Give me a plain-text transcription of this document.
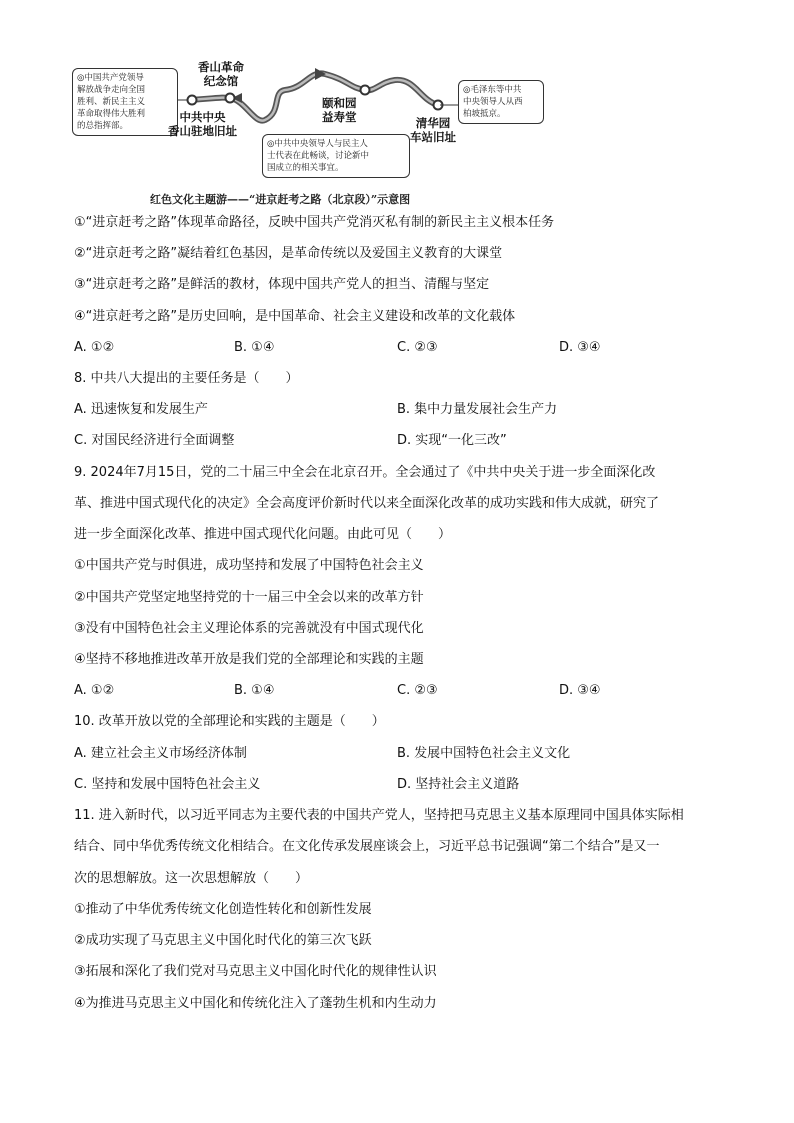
◎中国共产党领导
解放战争走向全国
胜利、新民主主义
革命取得伟大胜利
的总指挥部。
◎中共中央领导人与民主人
士代表在此畅谈，讨论新中
国成立的相关事宜。
◎毛泽东等中共
中央领导人从西
柏坡抵京。
香山革命
纪念馆
中共中央
香山驻地旧址
颐和园
益寿堂	清华园
车站旧址
红色文化主题游——“进京赶考之路（北京段）”示意图
①“进京赶考之路”体现革命路径，反映中国共产党消灭私有制的新民主主义根本任务
②“进京赶考之路”凝结着红色基因，是革命传统以及爱国主义教育的大课堂
③“进京赶考之路”是鲜活的教材，体现中国共产党人的担当、清醒与坚定
④“进京赶考之路”是历史回响，是中国革命、社会主义建设和改革的文化载体
A. ①②	B. ①④	C. ②③	D. ③④
8. 中共八大提出的主要任务是（　　）
A. 迅速恢复和发展生产	B. 集中力量发展社会生产力
C. 对国民经济进行全面调整	D. 实现“一化三改”
9. 2024年7月15日，党的二十届三中全会在北京召开。全会通过了《中共中央关于进一步全面深化改
革、推进中国式现代化的决定》全会高度评价新时代以来全面深化改革的成功实践和伟大成就，研究了
进一步全面深化改革、推进中国式现代化问题。由此可见（　　）
①中国共产党与时俱进，成功坚持和发展了中国特色社会主义
②中国共产党坚定地坚持党的十一届三中全会以来的改革方针
③没有中国特色社会主义理论体系的完善就没有中国式现代化
④坚持不移地推进改革开放是我们党的全部理论和实践的主题
A. ①②	B. ①④	C. ②③	D. ③④
10. 改革开放以党的全部理论和实践的主题是（　　）
A. 建立社会主义市场经济体制	B. 发展中国特色社会主义文化
C. 坚持和发展中国特色社会主义	D. 坚持社会主义道路
11. 进入新时代，以习近平同志为主要代表的中国共产党人，坚持把马克思主义基本原理同中国具体实际相
结合、同中华优秀传统文化相结合。在文化传承发展座谈会上，习近平总书记强调“第二个结合”是又一
次的思想解放。这一次思想解放（　　）
①推动了中华优秀传统文化创造性转化和创新性发展
②成功实现了马克思主义中国化时代化的第三次飞跃
③拓展和深化了我们党对马克思主义中国化时代化的规律性认识
④为推进马克思主义中国化和传统化注入了蓬勃生机和内生动力
